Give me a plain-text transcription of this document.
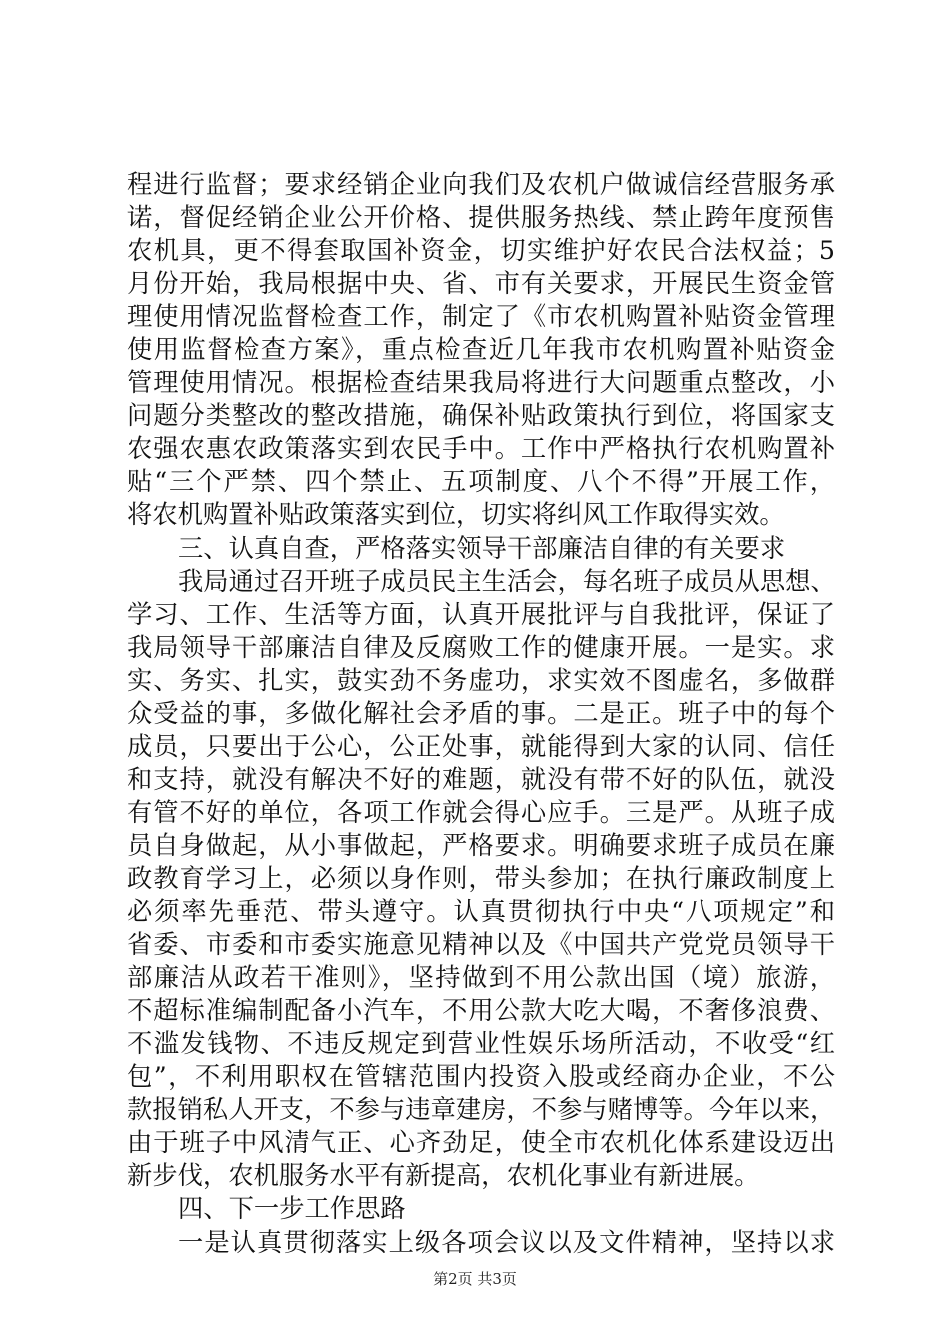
程进行监督；要求经销企业向我们及农机户做诚信经营服务承
诺，督促经销企业公开价格、提供服务热线、禁止跨年度预售
农机具，更不得套取国补资金，切实维护好农民合法权益；5
月份开始，我局根据中央、省、市有关要求，开展民生资金管
理使用情况监督检查工作，制定了《市农机购置补贴资金管理
使用监督检查方案》，重点检查近几年我市农机购置补贴资金
管理使用情况。根据检查结果我局将进行大问题重点整改，小
问题分类整改的整改措施，确保补贴政策执行到位，将国家支
农强农惠农政策落实到农民手中。工作中严格执行农机购置补
贴“三个严禁、四个禁止、五项制度、八个不得”开展工作，
将农机购置补贴政策落实到位，切实将纠风工作取得实效。
三、认真自查，严格落实领导干部廉洁自律的有关要求
我局通过召开班子成员民主生活会，每名班子成员从思想、
学习、工作、生活等方面，认真开展批评与自我批评，保证了
我局领导干部廉洁自律及反腐败工作的健康开展。一是实。求
实、务实、扎实，鼓实劲不务虚功，求实效不图虚名，多做群
众受益的事，多做化解社会矛盾的事。二是正。班子中的每个
成员，只要出于公心，公正处事，就能得到大家的认同、信任
和支持，就没有解决不好的难题，就没有带不好的队伍，就没
有管不好的单位，各项工作就会得心应手。三是严。从班子成
员自身做起，从小事做起，严格要求。明确要求班子成员在廉
政教育学习上，必须以身作则，带头参加；在执行廉政制度上
必须率先垂范、带头遵守。认真贯彻执行中央“八项规定”和
省委、市委和市委实施意见精神以及《中国共产党党员领导干
部廉洁从政若干准则》，坚持做到不用公款出国（境）旅游，
不超标准编制配备小汽车，不用公款大吃大喝，不奢侈浪费、
不滥发钱物、不违反规定到营业性娱乐场所活动，不收受“红
包”，不利用职权在管辖范围内投资入股或经商办企业，不公
款报销私人开支，不参与违章建房，不参与赌博等。今年以来，
由于班子中风清气正、心齐劲足，使全市农机化体系建设迈出
新步伐，农机服务水平有新提高，农机化事业有新进展。
四、下一步工作思路
一是认真贯彻落实上级各项会议以及文件精神，坚持以求
第2页 共3页
